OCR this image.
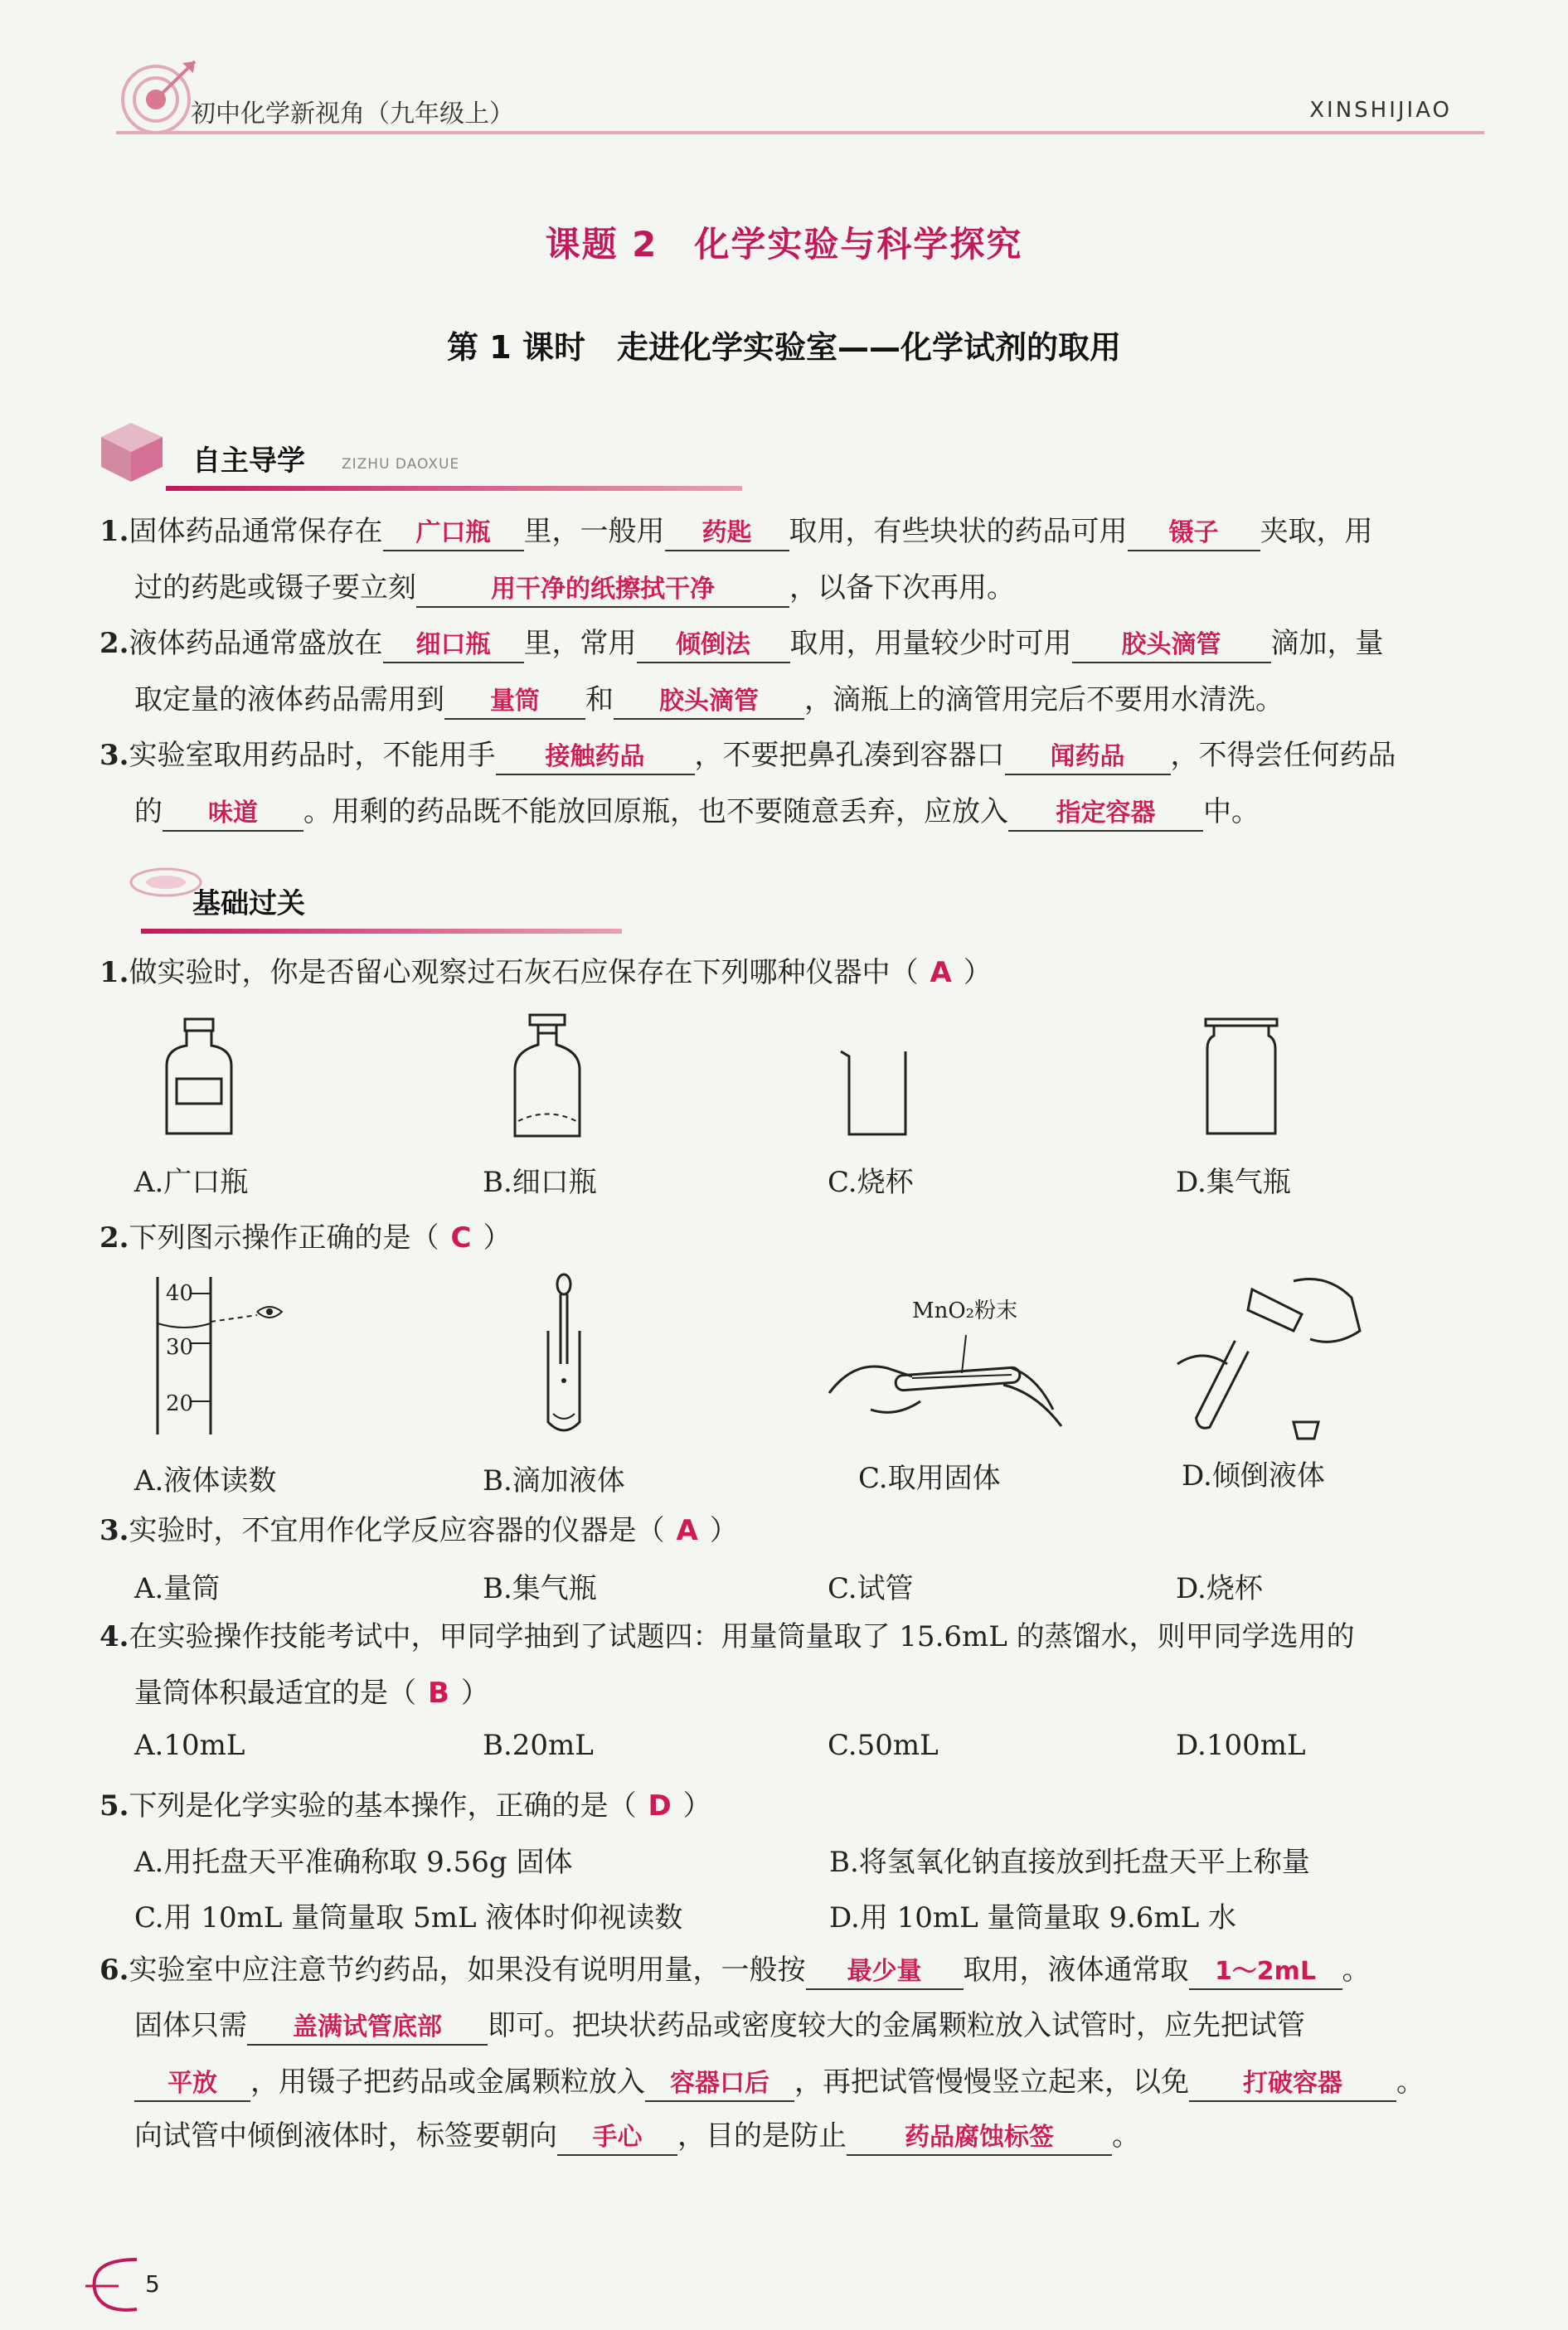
初中化学新视角（九年级上）	XINSHIJIAO
课题 2　化学实验与科学探究
第 1 课时　走进化学实验室——化学试剂的取用
自主导学	ZIZHU DAOXUE
1.固体药品通常保存在 广口瓶 里，一般用 药匙 取用，有些块状的药品可用 镊子 夹取，用
过的药匙或镊子要立刻	用干净的纸擦拭干净	，以备下次再用。
2.液体药品通常盛放在 细口瓶 里，常用 倾倒法 取用，用量较少时可用 胶头滴管 滴加，量
取定量的液体药品需用到 量筒 和 胶头滴管 ，滴瓶上的滴管用完后不要用水清洗。
3.实验室取用药品时，不能用手 接触药品 ，不要把鼻孔凑到容器口 闻药品 ，不得尝任何药品
的 味道 。用剩的药品既不能放回原瓶，也不要随意丢弃，应放入 指定容器 中。
基础过关
1.做实验时，你是否留心观察过石灰石应保存在下列哪种仪器中（ A ）
A.广口瓶	B.细口瓶	C.烧杯	D.集气瓶
2.下列图示操作正确的是（ C ）
40
30
20
MnO₂粉末
A.液体读数	B.滴加液体	C.取用固体	D.倾倒液体
3.实验时，不宜用作化学反应容器的仪器是（ A ）
A.量筒	B.集气瓶	C.试管	D.烧杯
4.在实验操作技能考试中，甲同学抽到了试题四：用量筒量取了 15.6mL 的蒸馏水，则甲同学选用的
量筒体积最适宜的是（ B ）
A.10mL	B.20mL	C.50mL	D.100mL
5.下列是化学实验的基本操作，正确的是（ D ）
A.用托盘天平准确称取 9.56g 固体	B.将氢氧化钠直接放到托盘天平上称量
C.用 10mL 量筒量取 5mL 液体时仰视读数	D.用 10mL 量筒量取 9.6mL 水
6.实验室中应注意节约药品，如果没有说明用量，一般按 最少量 取用，液体通常取 1～2mL 。
固体只需 盖满试管底部 即可。把块状药品或密度较大的金属颗粒放入试管时，应先把试管
平放 ，用镊子把药品或金属颗粒放入 容器口后 ，再把试管慢慢竖立起来，以免 打破容器 。
向试管中倾倒液体时，标签要朝向 手心 ，目的是防止 药品腐蚀标签 。
5
